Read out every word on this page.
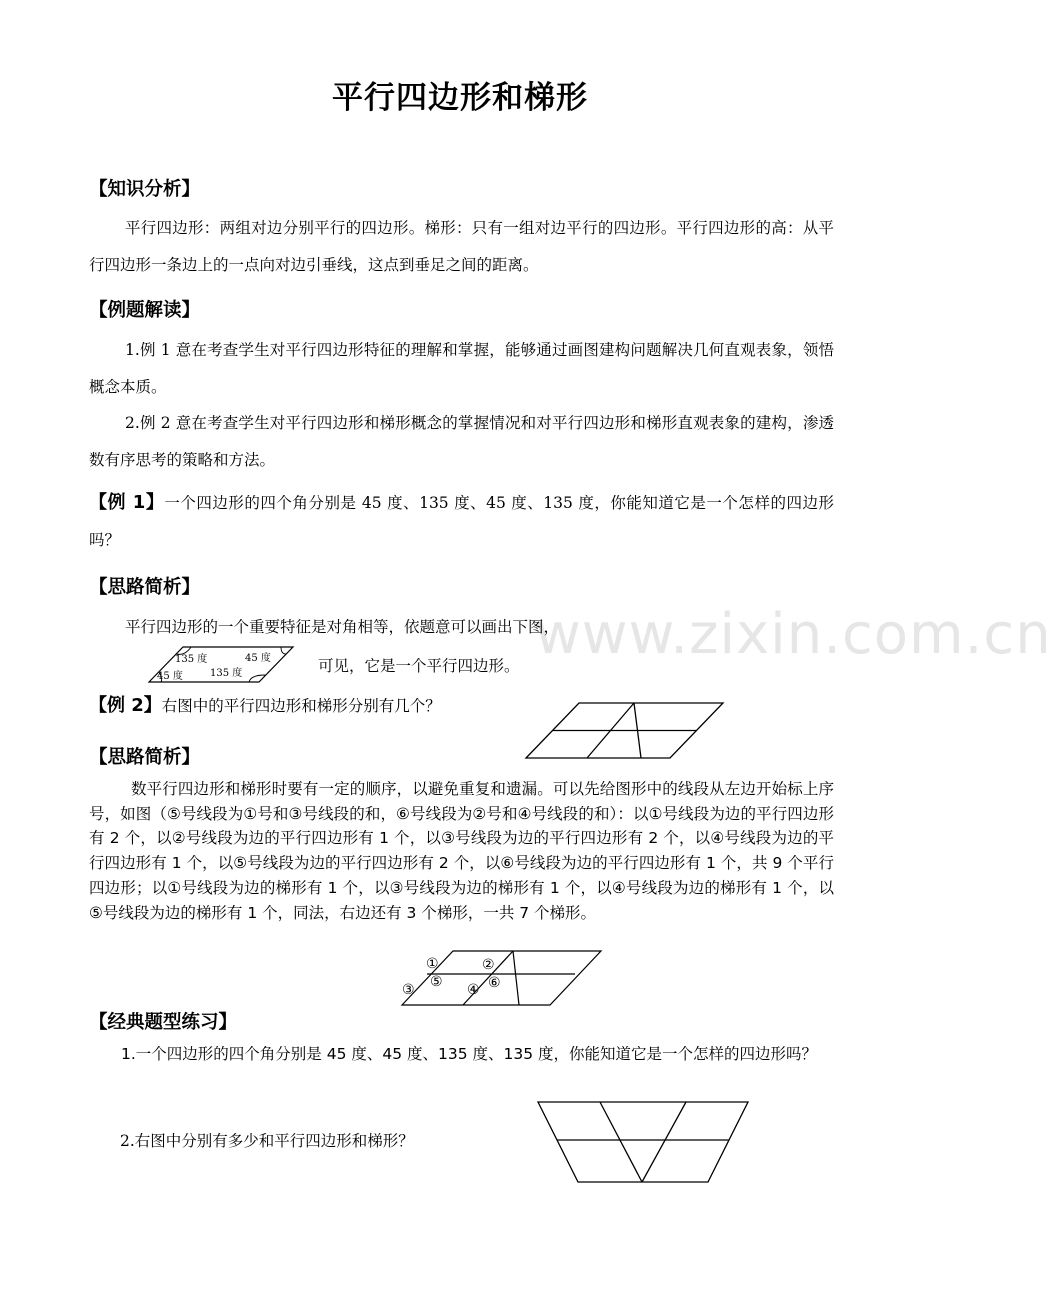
www.zixin.com.cn
平行四边形和梯形
【知识分析】

平行四边形：两组对边分别平行的四边形。梯形：只有一组对边平行的四边形。平行四边形的高：从平行四边形一条边上的一点向对边引垂线，这点到垂足之间的距离。

【例题解读】

1.例 1 意在考查学生对平行四边形特征的理解和掌握，能够通过画图建构问题解决几何直观表象，领悟概念本质。

2.例 2 意在考查学生对平行四边形和梯形概念的掌握情况和对平行四边形和梯形直观表象的建构，渗透数有序思考的策略和方法。

【例 1】一个四边形的四个角分别是 45 度、135 度、45 度、135 度，你能知道它是一个怎样的四边形吗？

【思路简析】
平行四边形的一个重要特征是对角相等，依题意可以画出下图，
135 度
45 度
45 度
135 度	可见，它是一个平行四边形。

【例 2】右图中的平行四边形和梯形分别有几个？

【思路简析】

数平行四边形和梯形时要有一定的顺序，以避免重复和遗漏。可以先给图形中的线段从左边开始标上序号，如图（⑤号线段为①号和③号线段的和，⑥号线段为②号和④号线段的和）：以①号线段为边的平行四边形有 2 个，以②号线段为边的平行四边形有 1 个，以③号线段为边的平行四边形有 2 个，以④号线段为边的平行四边形有 1 个，以⑤号线段为边的平行四边形有 2 个，以⑥号线段为边的平行四边形有 1 个，共 9 个平行四边形；以①号线段为边的梯形有 1 个，以③号线段为边的梯形有 1 个，以④号线段为边的梯形有 1 个，以⑤号线段为边的梯形有 1 个，同法，右边还有 3 个梯形，一共 7 个梯形。

①	②
③ ⑤ ④ ⑥
【经典题型练习】

1.一个四边形的四个角分别是 45 度、45 度、135 度、135 度，你能知道它是一个怎样的四边形吗？

2.右图中分别有多少和平行四边形和梯形？
